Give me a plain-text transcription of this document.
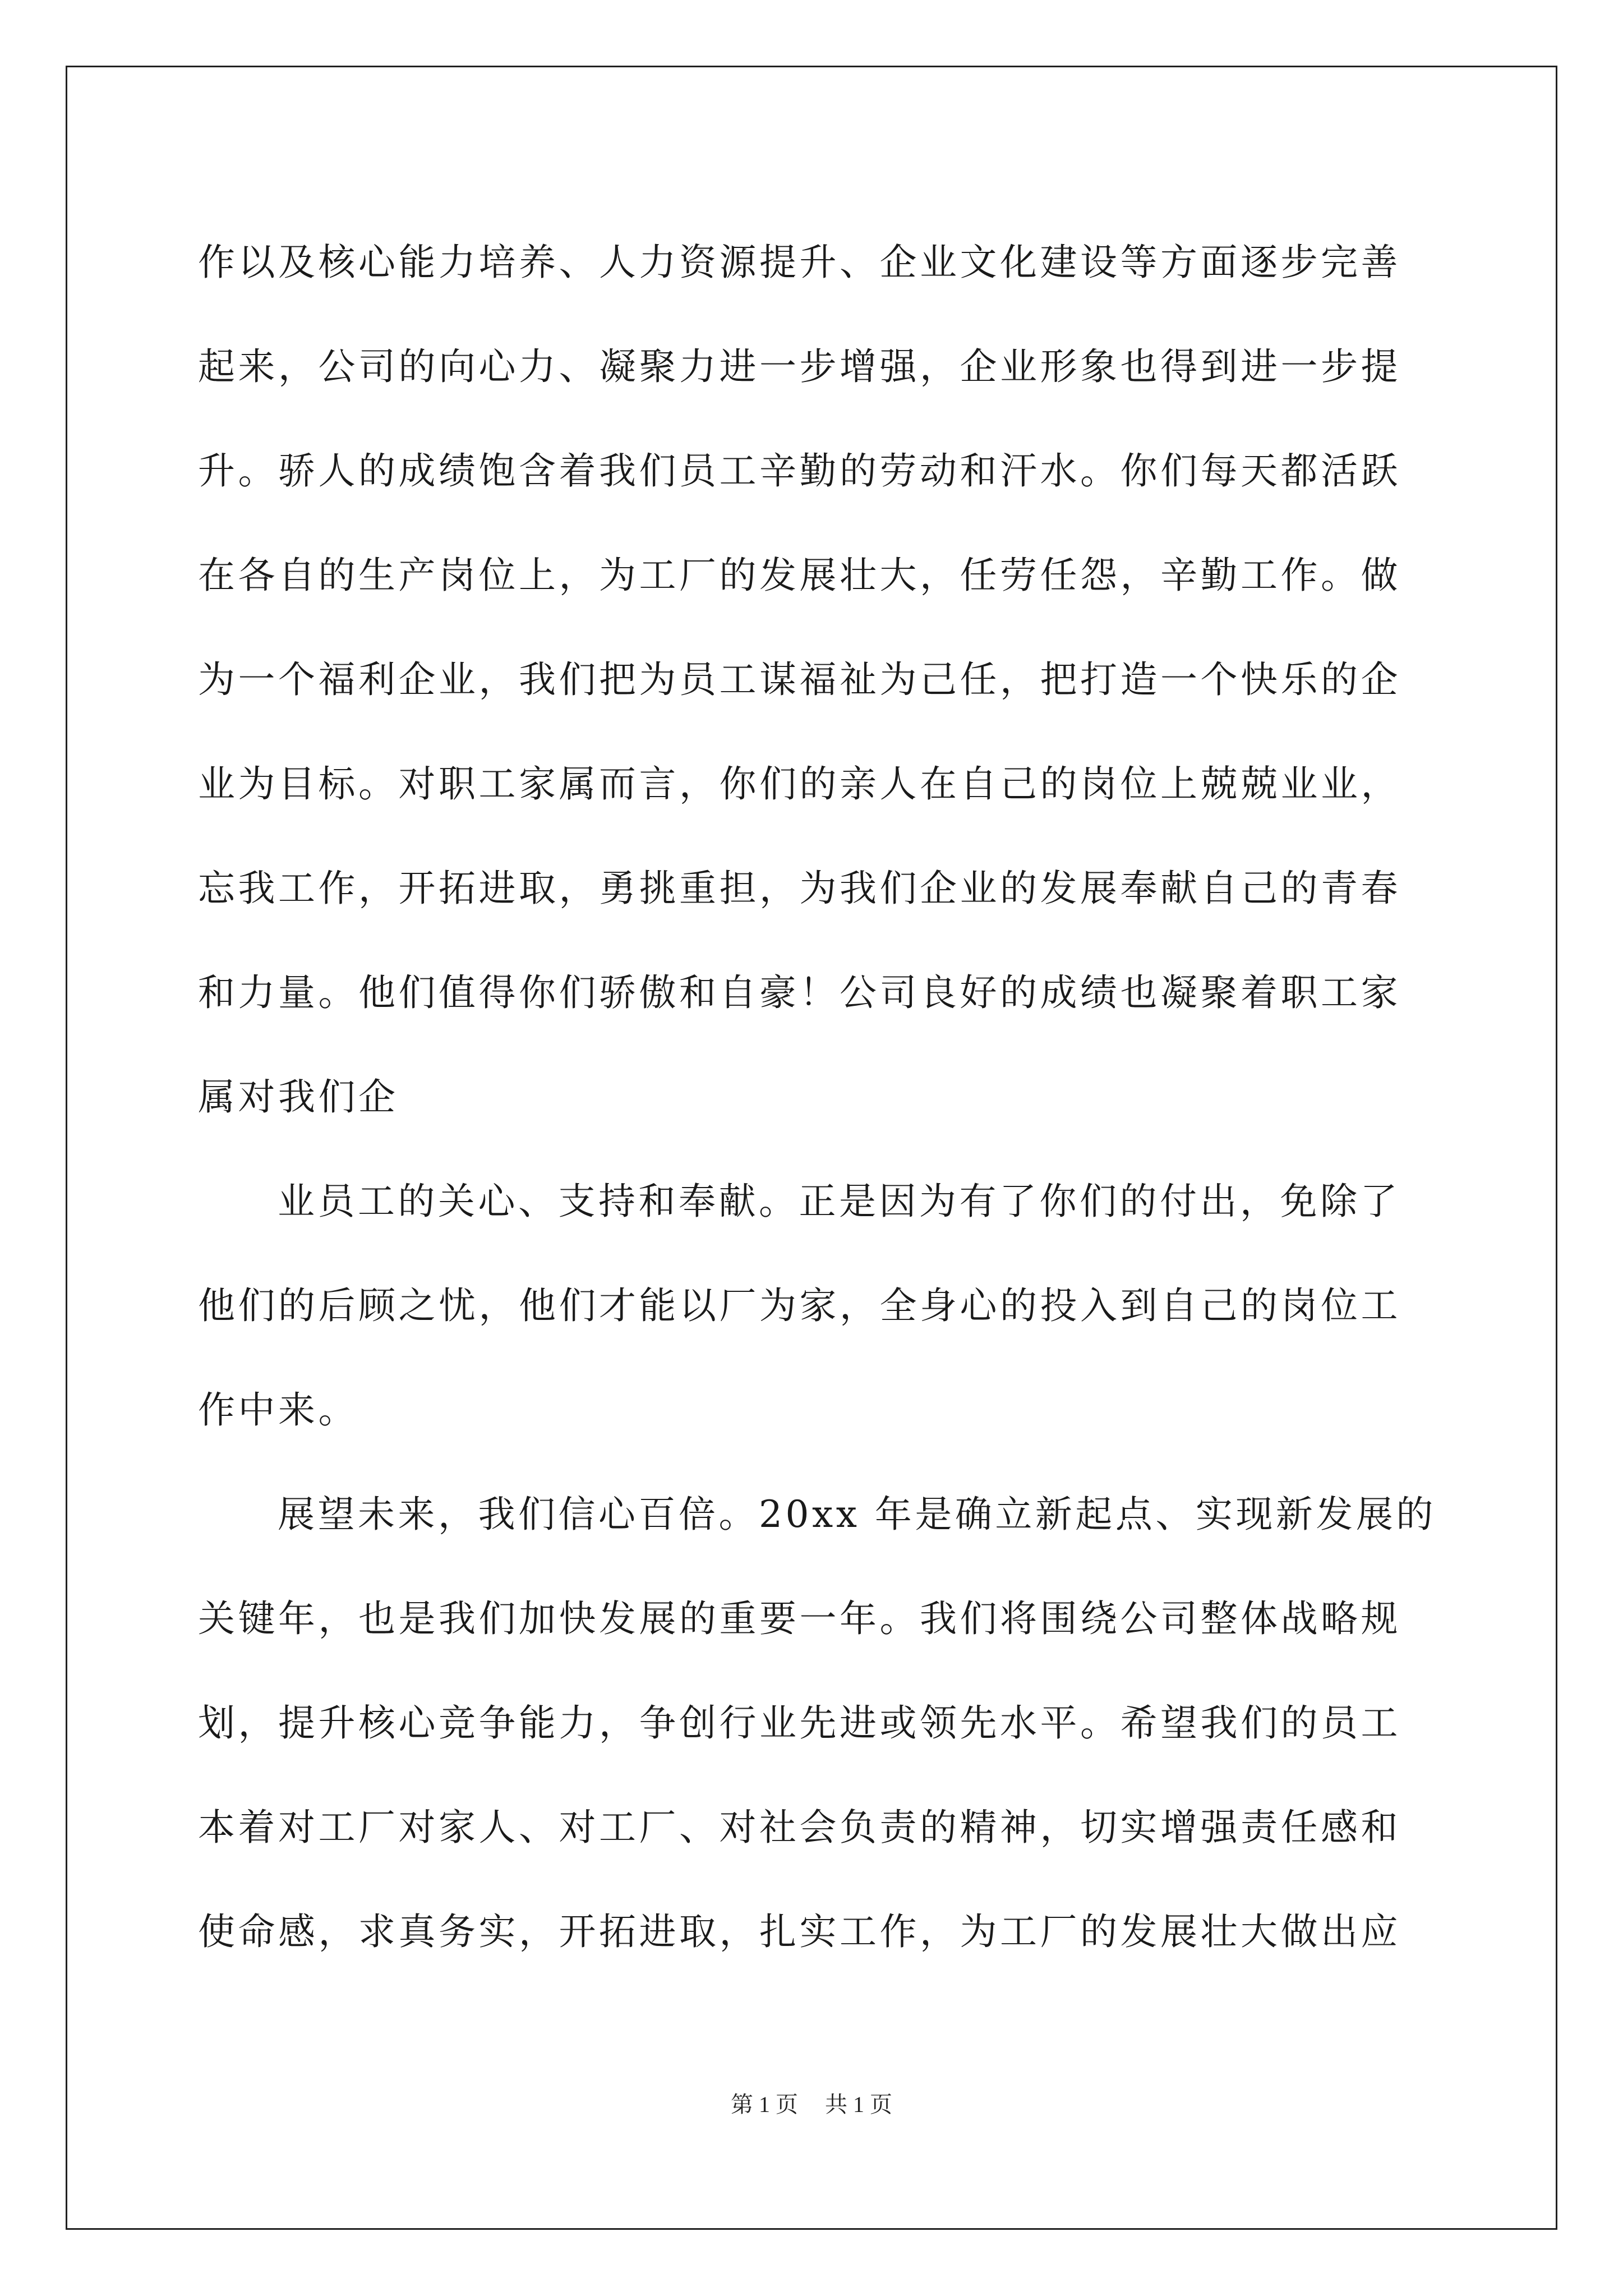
作以及核心能力培养、人力资源提升、企业文化建设等方面逐步完善
起来，公司的向心力、凝聚力进一步增强，企业形象也得到进一步提
升。骄人的成绩饱含着我们员工辛勤的劳动和汗水。你们每天都活跃
在各自的生产岗位上，为工厂的发展壮大，任劳任怨，辛勤工作。做
为一个福利企业，我们把为员工谋福祉为己任，把打造一个快乐的企
业为目标。对职工家属而言，你们的亲人在自己的岗位上兢兢业业，
忘我工作，开拓进取，勇挑重担，为我们企业的发展奉献自己的青春
和力量。他们值得你们骄傲和自豪！公司良好的成绩也凝聚着职工家
属对我们企
业员工的关心、支持和奉献。正是因为有了你们的付出，免除了
他们的后顾之忧，他们才能以厂为家，全身心的投入到自己的岗位工
作中来。
展望未来，我们信心百倍。20xx 年是确立新起点、实现新发展的
关键年，也是我们加快发展的重要一年。我们将围绕公司整体战略规
划，提升核心竞争能力，争创行业先进或领先水平。希望我们的员工
本着对工厂对家人、对工厂、对社会负责的精神，切实增强责任感和
使命感，求真务实，开拓进取，扎实工作，为工厂的发展壮大做出应
第 1 页 共 1 页
